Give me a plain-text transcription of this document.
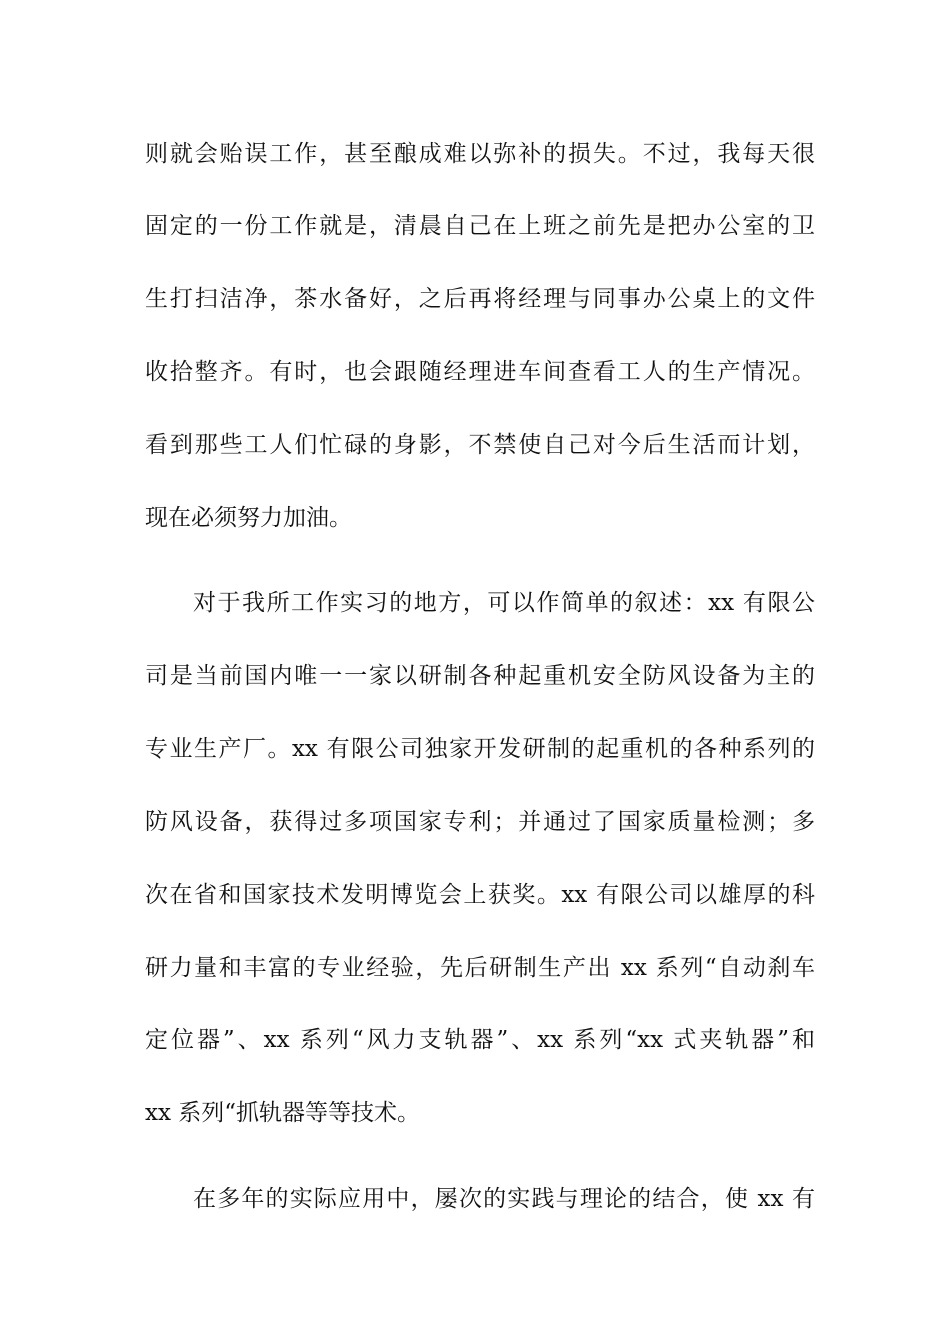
则就会贻误工作，甚至酿成难以弥补的损失。不过，我每天很
固定的一份工作就是，清晨自己在上班之前先是把办公室的卫
生打扫洁净，茶水备好，之后再将经理与同事办公桌上的文件
收拾整齐。有时，也会跟随经理进车间查看工人的生产情况。
看到那些工人们忙碌的身影，不禁使自己对今后生活而计划，
现在必须努力加油。
对于我所工作实习的地方，可以作简单的叙述：xx 有限公
司是当前国内唯一一家以研制各种起重机安全防风设备为主的
专业生产厂。xx 有限公司独家开发研制的起重机的各种系列的
防风设备，获得过多项国家专利；并通过了国家质量检测；多
次在省和国家技术发明博览会上获奖。xx 有限公司以雄厚的科
研力量和丰富的专业经验，先后研制生产出 xx 系列“自动刹车
定位器”、xx 系列“风力支轨器”、xx 系列“xx 式夹轨器”和
xx 系列“抓轨器等等技术。
在多年的实际应用中，屡次的实践与理论的结合，使 xx 有
